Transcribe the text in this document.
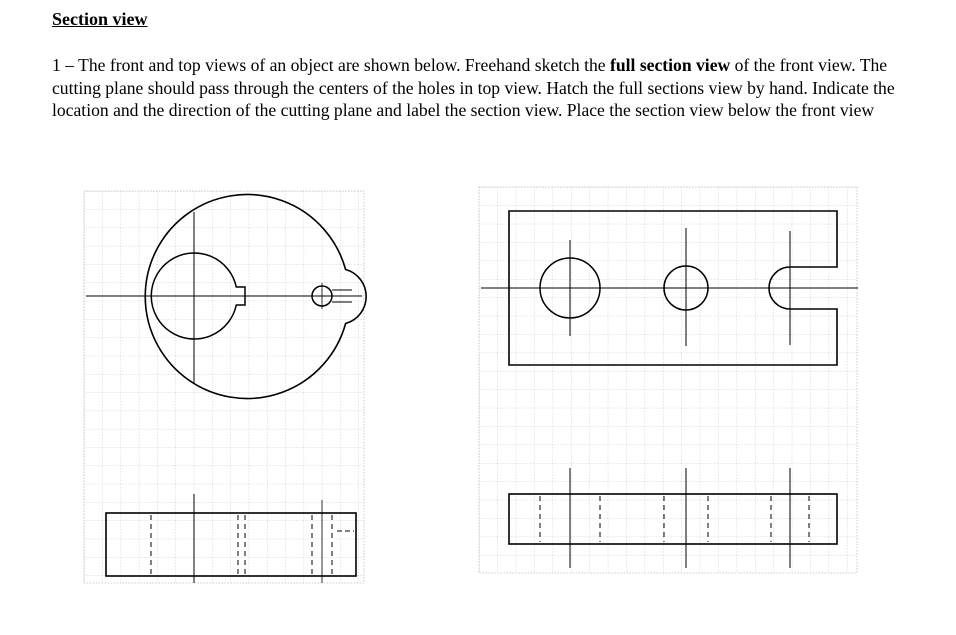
Section view
1 – The front and top views of an object are shown below. Freehand sketch the full section view of the front view. The cutting plane should pass through the centers of the holes in top view. Hatch the full sections view by hand. Indicate the location and the direction of the cutting plane and label the section view. Place the section view below the front view
